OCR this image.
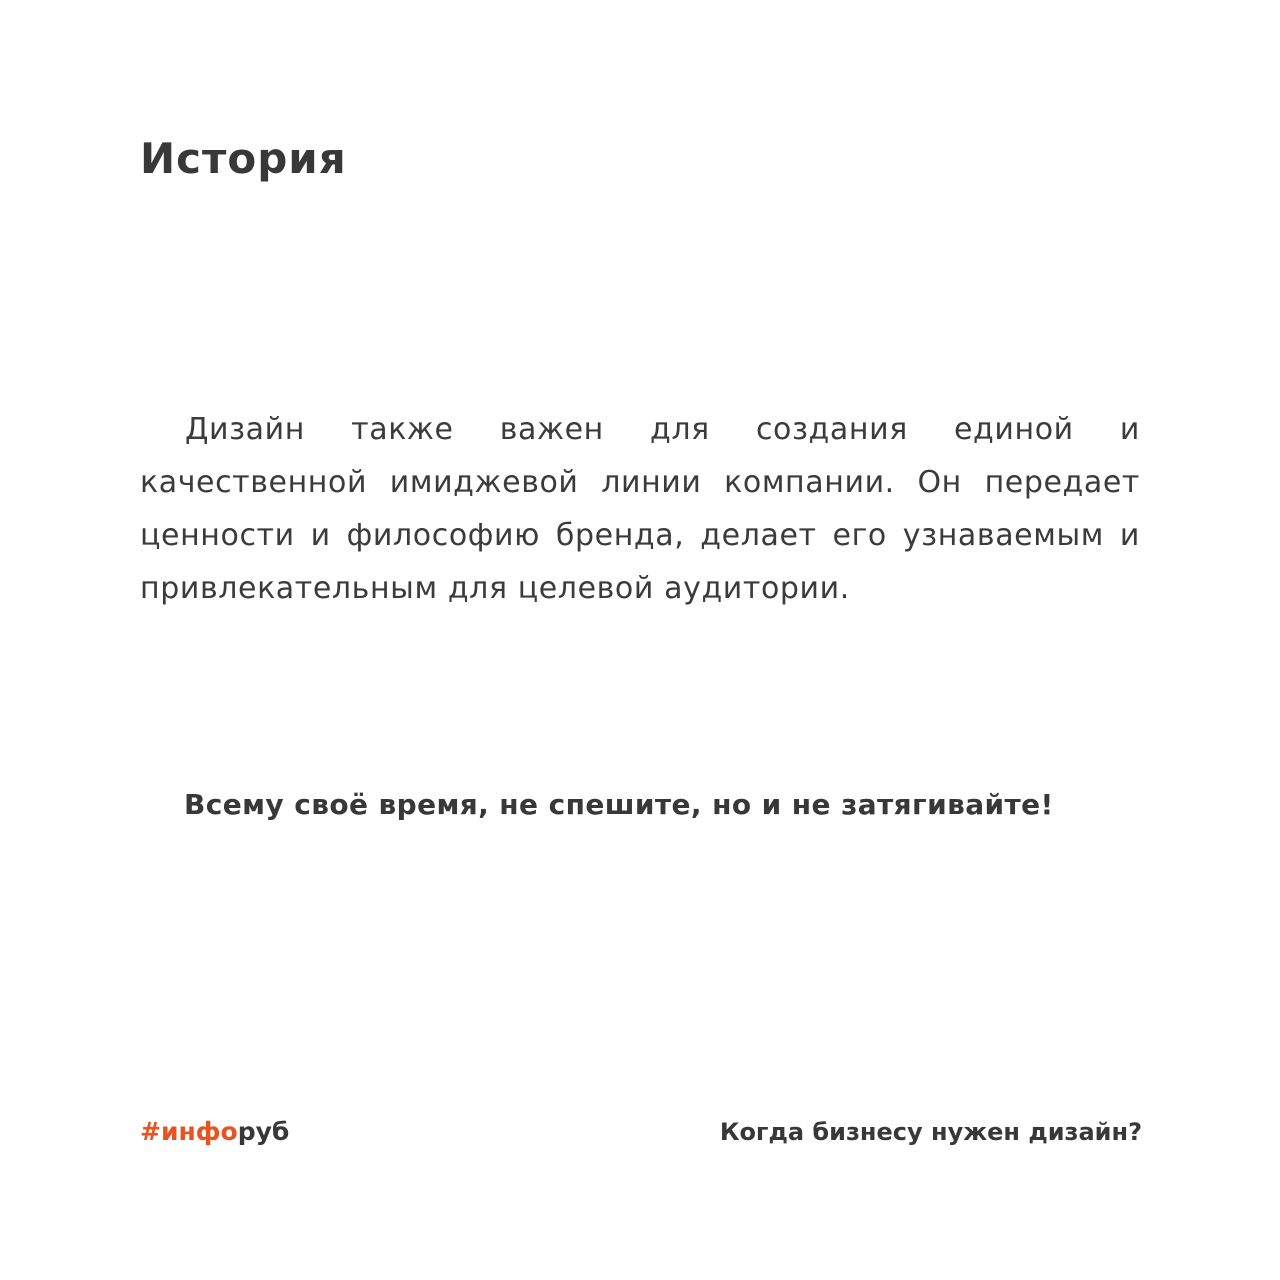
История

Дизайн также важен для создания единой и качественной имиджевой линии компании. Он передает ценности и философию бренда, делает его узнаваемым и привлекательным для целевой аудитории.

Всему своё время, не спешите, но и не затягивайте!

#инфоруб	Когда бизнесу нужен дизайн?
